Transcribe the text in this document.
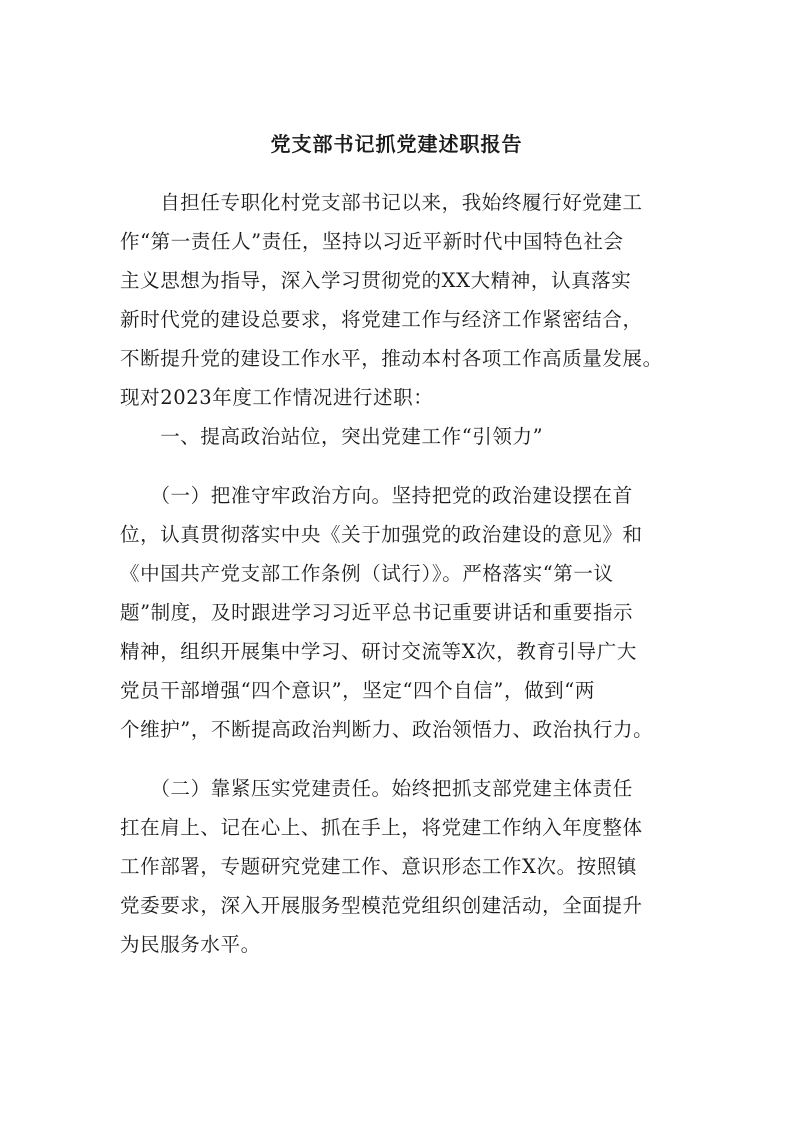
党支部书记抓党建述职报告
　　自担任专职化村党支部书记以来，我始终履行好党建工
作“第一责任人”责任，坚持以习近平新时代中国特色社会
主义思想为指导，深入学习贯彻党的XX大精神，认真落实
新时代党的建设总要求，将党建工作与经济工作紧密结合，
不断提升党的建设工作水平，推动本村各项工作高质量发展。
现对2023年度工作情况进行述职：
　　一、提高政治站位，突出党建工作“引领力”
　　（一）把准守牢政治方向。坚持把党的政治建设摆在首
位，认真贯彻落实中央《关于加强党的政治建设的意见》和
《中国共产党支部工作条例（试行）》。严格落实“第一议
题”制度，及时跟进学习习近平总书记重要讲话和重要指示
精神，组织开展集中学习、研讨交流等X次，教育引导广大
党员干部增强“四个意识”，坚定“四个自信”，做到“两
个维护”，不断提高政治判断力、政治领悟力、政治执行力。
　　（二）靠紧压实党建责任。始终把抓支部党建主体责任
扛在肩上、记在心上、抓在手上，将党建工作纳入年度整体
工作部署，专题研究党建工作、意识形态工作X次。按照镇
党委要求，深入开展服务型模范党组织创建活动，全面提升
为民服务水平。
